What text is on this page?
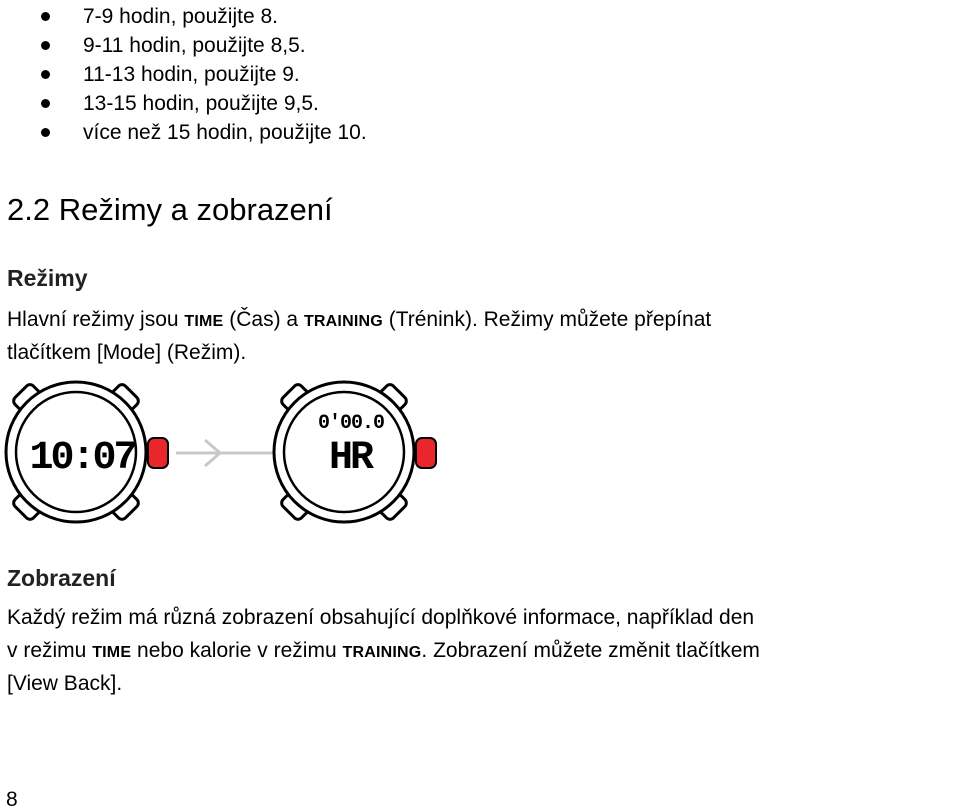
7-9 hodin, použijte 8.
9-11 hodin, použijte 8,5.
11-13 hodin, použijte 9.
13-15 hodin, použijte 9,5.
více než 15 hodin, použijte 10.
2.2 Režimy a zobrazení
Režimy

Hlavní režimy jsou TIME (Čas) a TRAINING (Trénink). Režimy můžete přepínat

tlačítkem [Mode] (Režim).

10:07
0'00.0
HR
Zobrazení

Každý režim má různá zobrazení obsahující doplňkové informace, například den

v režimu TIME nebo kalorie v režimu TRAINING. Zobrazení můžete změnit tlačítkem

[View Back].

8
